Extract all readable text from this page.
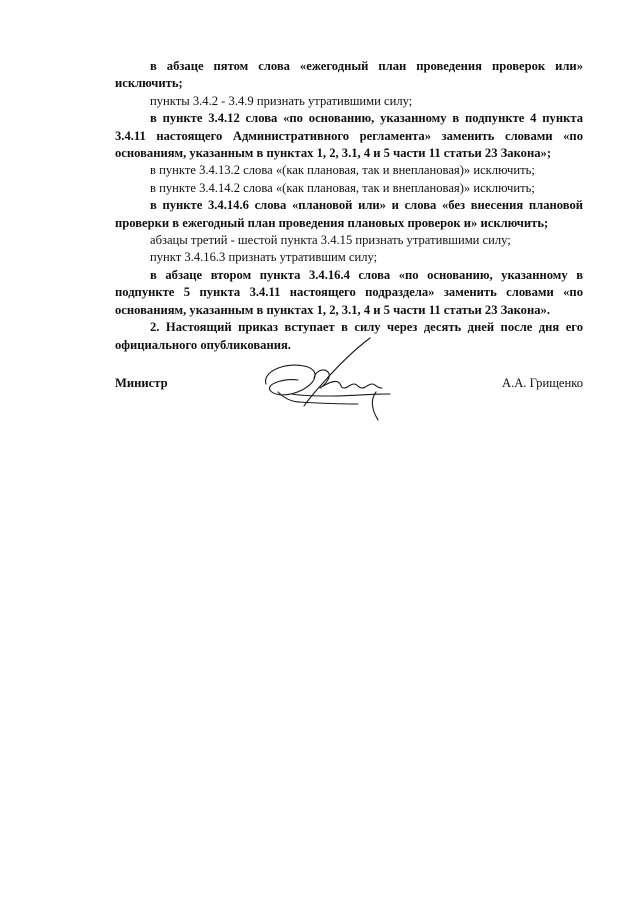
в абзаце пятом слова «ежегодный план проведения проверок или» исключить;

пункты 3.4.2 - 3.4.9 признать утратившими силу;

в пункте 3.4.12 слова «по основанию, указанному в подпункте 4 пункта 3.4.11 настоящего Административного регламента» заменить словами «по основаниям, указанным в пунктах 1, 2, 3.1, 4 и 5 части 11 статьи 23 Закона»;

в пункте 3.4.13.2 слова «(как плановая, так и внеплановая)» исключить;

в пункте 3.4.14.2 слова «(как плановая, так и внеплановая)» исключить;

в пункте 3.4.14.6 слова «плановой или» и слова «без внесения плановой проверки в ежегодный план проведения плановых проверок и» исключить;

абзацы третий - шестой пункта 3.4.15 признать утратившими силу;

пункт 3.4.16.3 признать утратившим силу;

в абзаце втором пункта 3.4.16.4 слова «по основанию, указанному в подпункте 5 пункта 3.4.11 настоящего подраздела» заменить словами «по основаниям, указанным в пунктах 1, 2, 3.1, 4 и 5 части 11 статьи 23 Закона».

2. Настоящий приказ вступает в силу через десять дней после дня его официального опубликования.

Министр	А.А. Грищенко
